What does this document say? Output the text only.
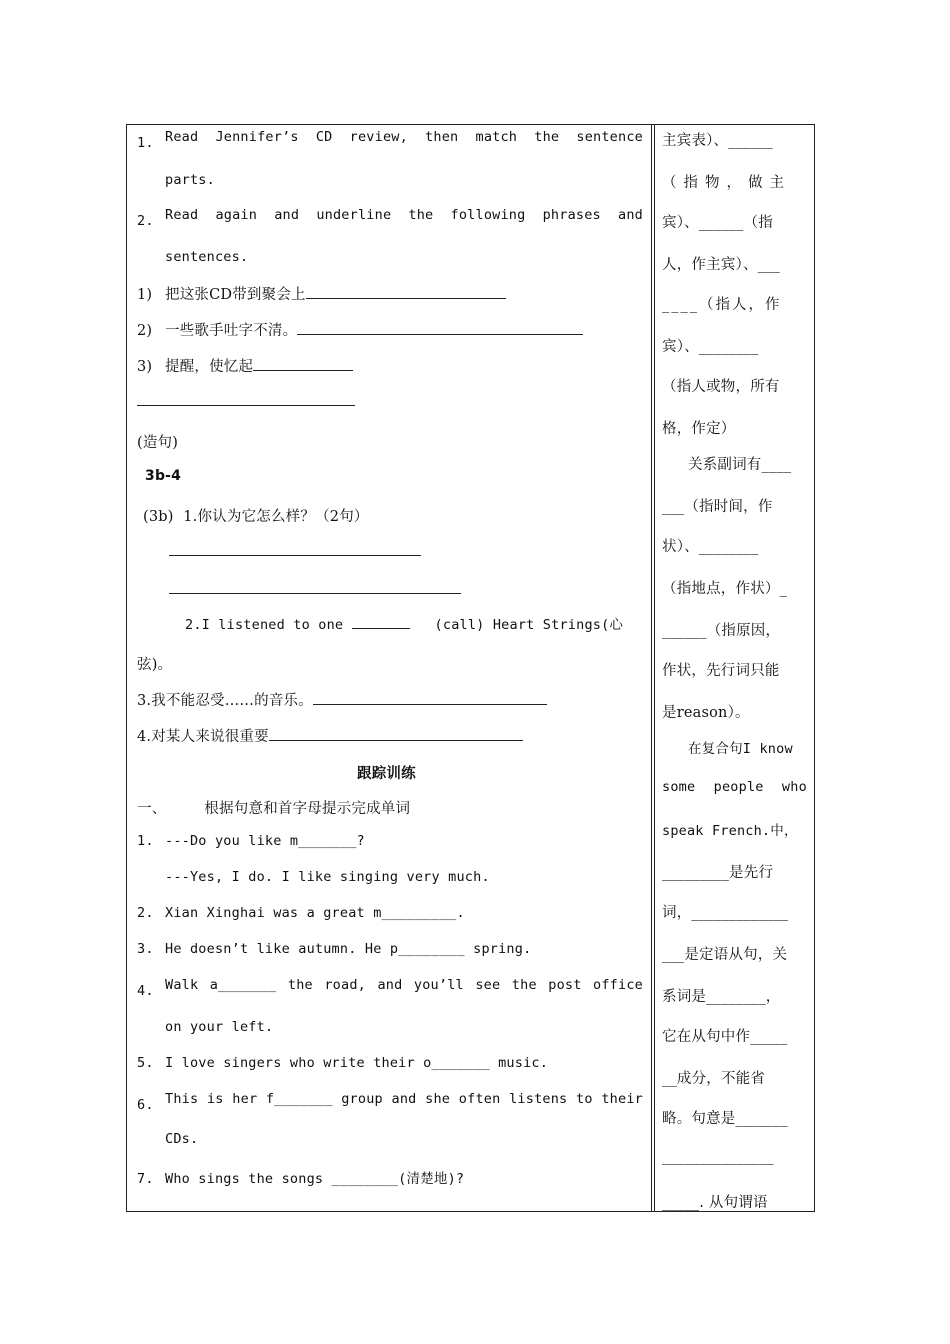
1. Read Jennifer’s CD review, then match the sentence
parts.
2. Read again and underline the following phrases and
sentences.
1) 把这张CD带到聚会上
2) 一些歌手吐字不清。
3) 提醒，使忆起
(造句)
3b-4
(3b) 1.你认为它怎么样？（2句）
2.I listened to one	(call) Heart Strings(心
弦)。
3.我不能忍受……的音乐。
4.对某人来说很重要
跟踪训练
一、	根据句意和首字母提示完成单词
1. ---Do you like m_______?
---Yes, I do. I like singing very much.
2. Xian Xinghai was a great m_________.
3. He doesn’t like autumn. He p________ spring.
4. Walk a_______ the road, and you’ll see the post office
on your left.
5. I love singers who write their o_______ music.
6. This is her f_______ group and she often listens to their
CDs.
7. Who sings the songs ________(清楚地)?
主宾表）、______
（指物，做主
宾）、______（指
人，作主宾）、___
____（指人，作
宾）、________
（指人或物，所有
格，作定）
关系副词有____
___（指时间，作
状）、________
（指地点，作状）_
______（指原因，
作状，先行词只能
是reason）。
在复合句I know
some people who
speak French.中，
_________是先行
词，_____________
___是定语从句，关
系词是________，
它在从句中作_____
__成分，不能省
略。句意是_______
_______________
_____. 从句谓语
